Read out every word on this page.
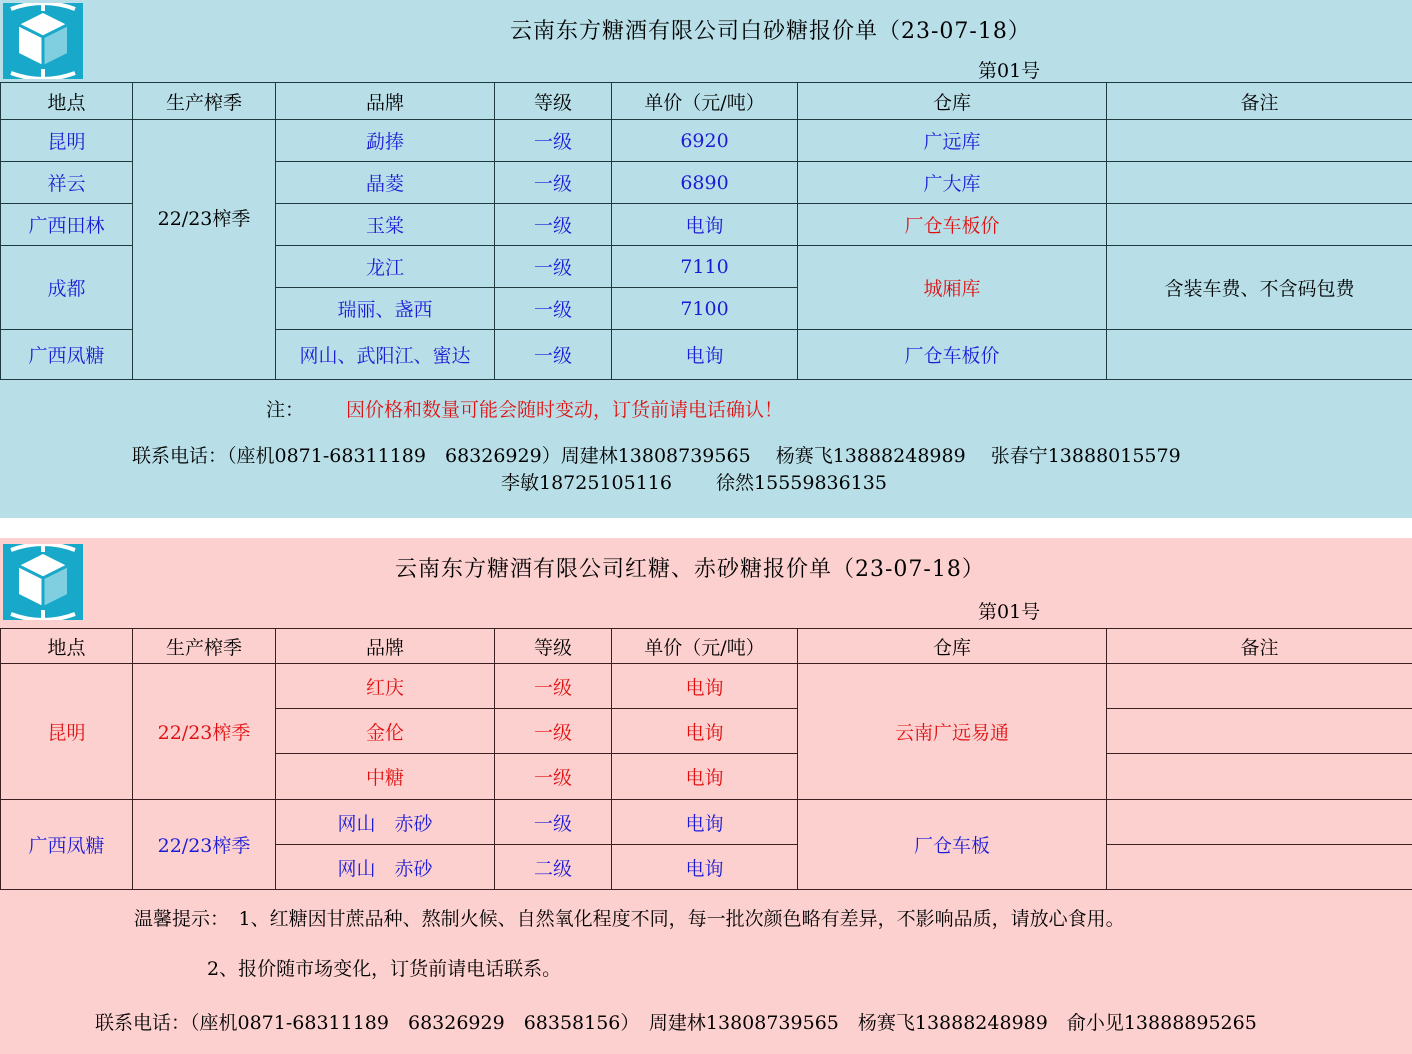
云南东方糖酒有限公司白砂糖报价单（23-07-18）
第01号
地点	生产榨季	品牌	等级	单价（元/吨）	仓库	备注
昆明	22/23榨季	勐捧	一级	6920	广远库	
祥云		晶菱	一级	6890	广大库	
广西田林		玉棠	一级	电询	厂仓车板价	
成都		龙江	一级	7110	城厢库	含装车费、不含码包费
		瑞丽、盏西	一级	7100		
广西凤糖		网山、武阳江、蜜达	一级	电询	厂仓车板价	
注： 因价格和数量可能会随时变动，订货前请电话确认！
联系电话：（座机0871-68311189　68326929）周建林13808739565　 杨赛飞13888248989　 张春宁13888015579
李敏18725105116　　 徐然15559836135
云南东方糖酒有限公司红糖、赤砂糖报价单（23-07-18）
第01号
地点	生产榨季	品牌	等级	单价（元/吨）	仓库	备注
昆明	22/23榨季	红庆	一级	电询	云南广远易通	
		金伦	一级	电询		
		中糖	一级	电询		
广西凤糖	22/23榨季	网山　赤砂	一级	电询	厂仓车板	
		网山　赤砂	二级	电询		
温馨提示：　1、红糖因甘蔗品种、熬制火候、自然氧化程度不同，每一批次颜色略有差异，不影响品质，请放心食用。
2、报价随市场变化，订货前请电话联系。
联系电话：（座机0871-68311189　68326929　68358156）　周建林13808739565　杨赛飞13888248989　俞小见13888895265
